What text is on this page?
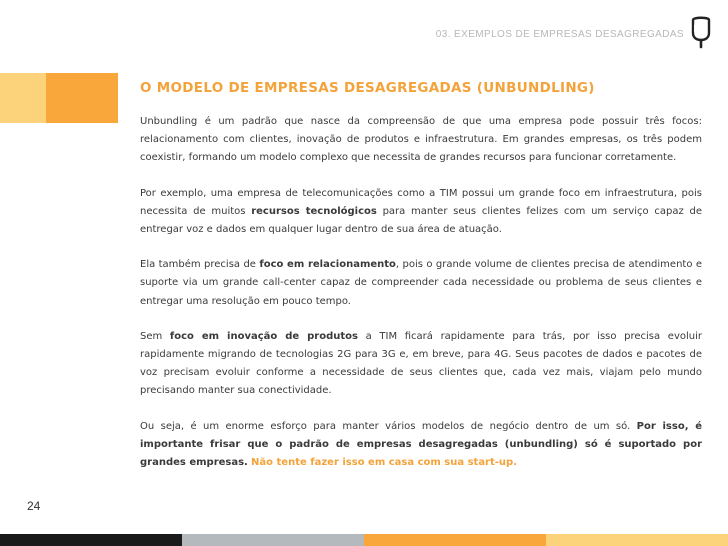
03. EXEMPLOS DE EMPRESAS DESAGREGADAS
O MODELO DE EMPRESAS DESAGREGADAS (UNBUNDLING)

Unbundling é um padrão que nasce da compreensão de que uma empresa pode possuir três focos: relacionamento com clientes, inovação de produtos e infraestrutura. Em grandes empresas, os três podem coexistir, formando um modelo complexo que necessita de grandes recursos para funcionar corretamente.

Por exemplo, uma empresa de telecomunicações como a TIM possui um grande foco em infraestrutura, pois necessita de muitos recursos tecnológicos para manter seus clientes felizes com um serviço capaz de entregar voz e dados em qualquer lugar dentro de sua área de atuação.

Ela também precisa de foco em relacionamento, pois o grande volume de clientes precisa de atendimento e suporte via um grande call-center capaz de compreender cada necessidade ou problema de seus clientes e entregar uma resolução em pouco tempo.

Sem foco em inovação de produtos a TIM ficará rapidamente para trás, por isso precisa evoluir rapidamente migrando de tecnologias 2G para 3G e, em breve, para 4G. Seus pacotes de dados e pacotes de voz precisam evoluir conforme a necessidade de seus clientes que, cada vez mais, viajam pelo mundo precisando manter sua conectividade.

Ou seja, é um enorme esforço para manter vários modelos de negócio dentro de um só. Por isso, é importante frisar que o padrão de empresas desagregadas (unbundling) só é suportado por grandes empresas. Não tente fazer isso em casa com sua start-up.

24
